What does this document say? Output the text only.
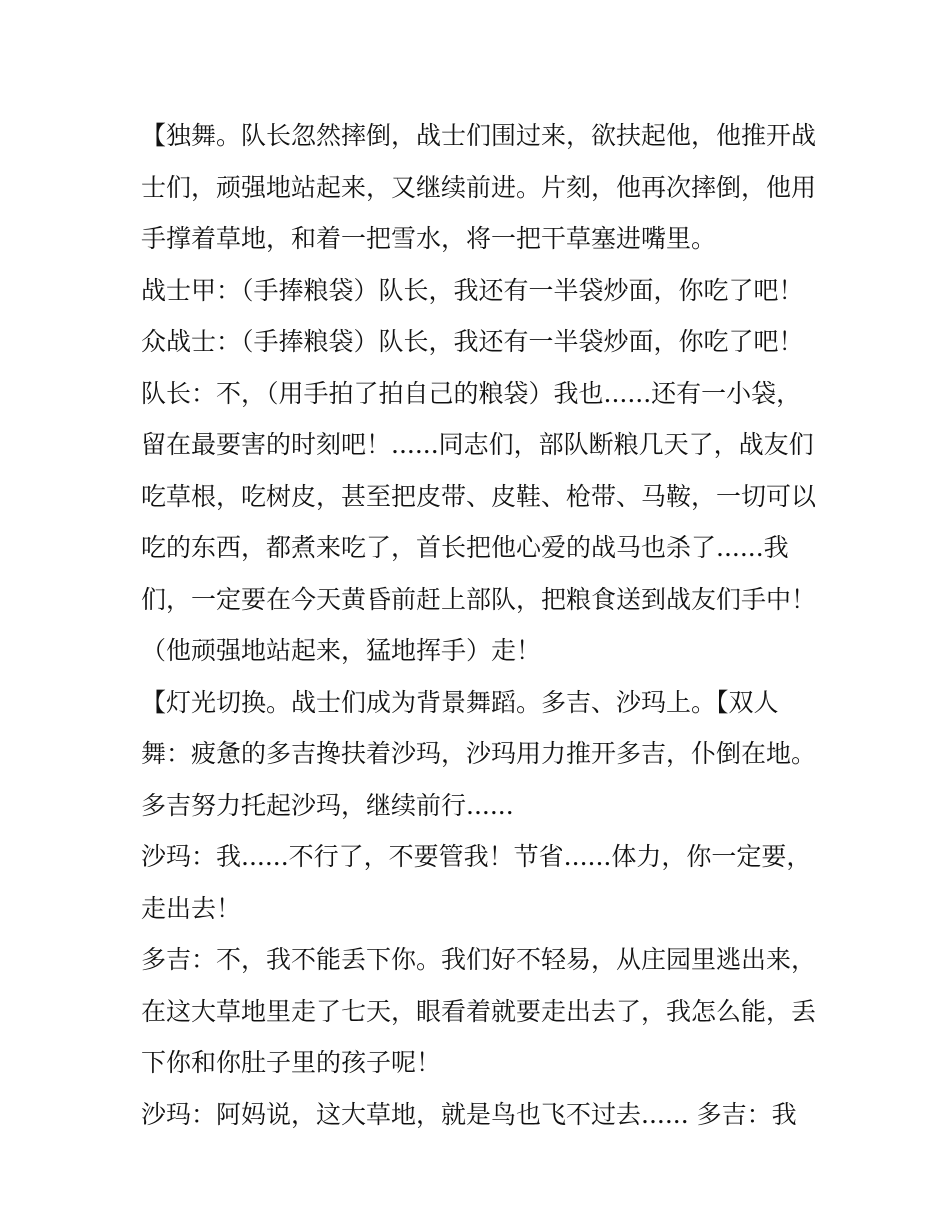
【独舞。队长忽然摔倒，战士们围过来，欲扶起他，他推开战
士们，顽强地站起来，又继续前进。片刻，他再次摔倒，他用
手撑着草地，和着一把雪水，将一把干草塞进嘴里。
战士甲：（手捧粮袋）队长，我还有一半袋炒面，你吃了吧！
众战士：（手捧粮袋）队长，我还有一半袋炒面，你吃了吧！
队长：不，（用手拍了拍自己的粮袋）我也......还有一小袋，
留在最要害的时刻吧！......同志们，部队断粮几天了，战友们
吃草根，吃树皮，甚至把皮带、皮鞋、枪带、马鞍，一切可以
吃的东西，都煮来吃了，首长把他心爱的战马也杀了......我
们，一定要在今天黄昏前赶上部队，把粮食送到战友们手中！
（他顽强地站起来，猛地挥手）走！
【灯光切换。战士们成为背景舞蹈。多吉、沙玛上。【双人
舞：疲惫的多吉搀扶着沙玛，沙玛用力推开多吉，仆倒在地。
多吉努力托起沙玛，继续前行......
沙玛：我......不行了，不要管我！节省......体力，你一定要，
走出去！
多吉：不，我不能丢下你。我们好不轻易，从庄园里逃出来，
在这大草地里走了七天，眼看着就要走出去了，我怎么能，丢
下你和你肚子里的孩子呢！
沙玛：阿妈说，这大草地，就是鸟也飞不过去...... 多吉：我
